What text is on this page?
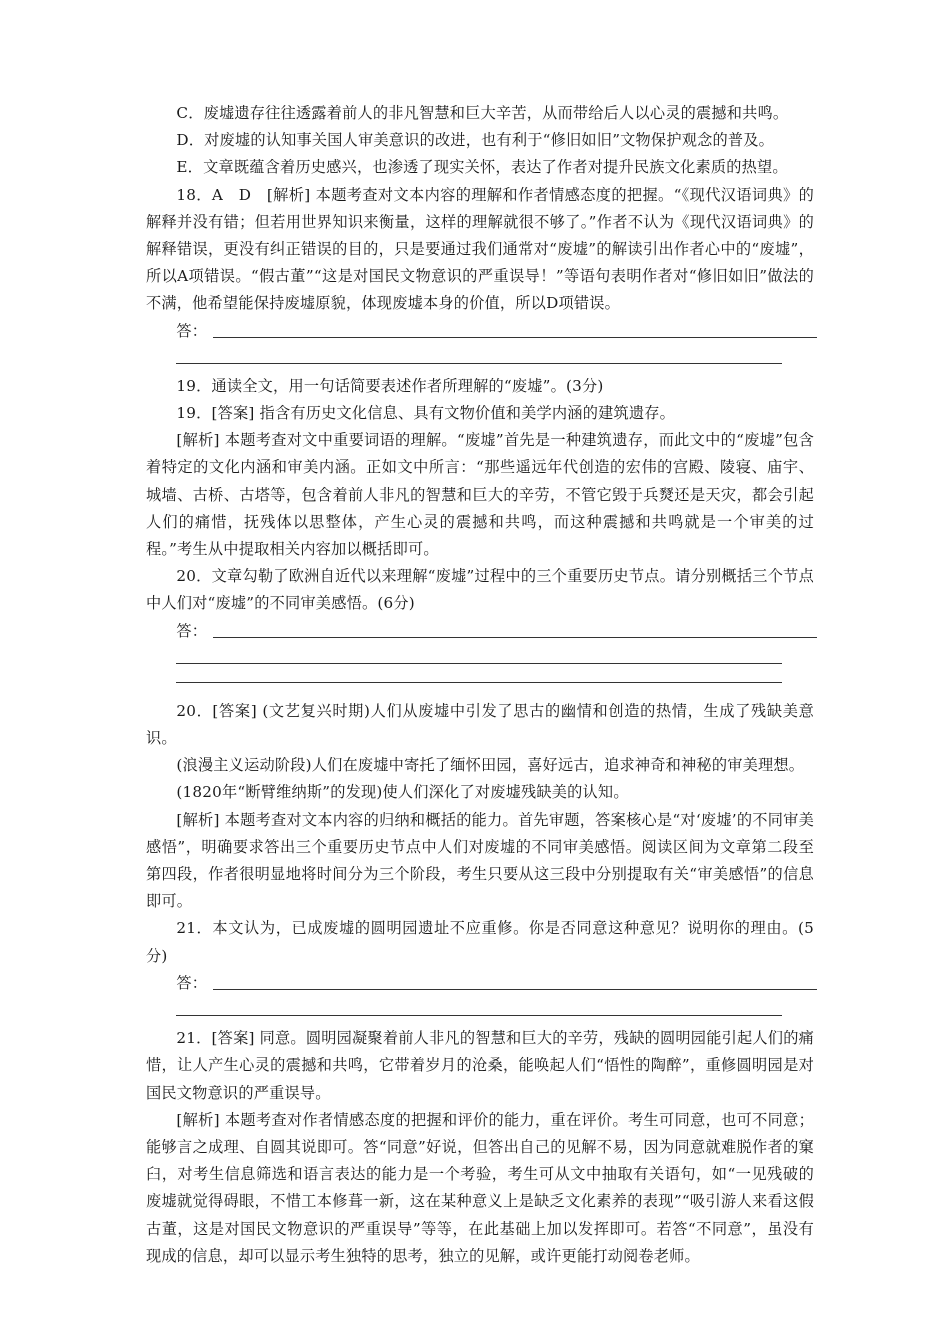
C．废墟遗存往往透露着前人的非凡智慧和巨大辛苦，从而带给后人以心灵的震撼和共鸣。

D．对废墟的认知事关国人审美意识的改进，也有利于“修旧如旧”文物保护观念的普及。

E．文章既蕴含着历史感兴，也渗透了现实关怀，表达了作者对提升民族文化素质的热望。

18．A　D　[解析] 本题考查对文本内容的理解和作者情感态度的把握。“《现代汉语词典》的解释并没有错；但若用世界知识来衡量，这样的理解就很不够了。”作者不认为《现代汉语词典》的解释错误，更没有纠正错误的目的，只是要通过我们通常对“废墟”的解读引出作者心中的“废墟”，所以A项错误。“假古董”“这是对国民文物意识的严重误导！”等语句表明作者对“修旧如旧”做法的不满，他希望能保持废墟原貌，体现废墟本身的价值，所以D项错误。

答：

19．通读全文，用一句话简要表述作者所理解的“废墟”。(3分)

19．[答案] 指含有历史文化信息、具有文物价值和美学内涵的建筑遗存。

[解析] 本题考查对文中重要词语的理解。“废墟”首先是一种建筑遗存，而此文中的“废墟”包含着特定的文化内涵和审美内涵。正如文中所言：“那些遥远年代创造的宏伟的宫殿、陵寝、庙宇、城墙、古桥、古塔等，包含着前人非凡的智慧和巨大的辛劳，不管它毁于兵燹还是天灾，都会引起人们的痛惜，抚残体以思整体，产生心灵的震撼和共鸣，而这种震撼和共鸣就是一个审美的过程。”考生从中提取相关内容加以概括即可。

20．文章勾勒了欧洲自近代以来理解“废墟”过程中的三个重要历史节点。请分别概括三个节点中人们对“废墟”的不同审美感悟。(6分)

答：

20．[答案] (文艺复兴时期)人们从废墟中引发了思古的幽情和创造的热情，生成了残缺美意识。

(浪漫主义运动阶段)人们在废墟中寄托了缅怀田园，喜好远古，追求神奇和神秘的审美理想。

(1820年“断臂维纳斯”的发现)使人们深化了对废墟残缺美的认知。

[解析] 本题考查对文本内容的归纳和概括的能力。首先审题，答案核心是“对‘废墟’的不同审美感悟”，明确要求答出三个重要历史节点中人们对废墟的不同审美感悟。阅读区间为文章第二段至第四段，作者很明显地将时间分为三个阶段，考生只要从这三段中分别提取有关“审美感悟”的信息即可。

21．本文认为，已成废墟的圆明园遗址不应重修。你是否同意这种意见？说明你的理由。(5分)

答：

21．[答案] 同意。圆明园凝聚着前人非凡的智慧和巨大的辛劳，残缺的圆明园能引起人们的痛惜，让人产生心灵的震撼和共鸣，它带着岁月的沧桑，能唤起人们“悟性的陶醉”，重修圆明园是对国民文物意识的严重误导。

[解析] 本题考查对作者情感态度的把握和评价的能力，重在评价。考生可同意，也可不同意；能够言之成理、自圆其说即可。答“同意”好说，但答出自己的见解不易，因为同意就难脱作者的窠臼，对考生信息筛选和语言表达的能力是一个考验，考生可从文中抽取有关语句，如“一见残破的废墟就觉得碍眼，不惜工本修葺一新，这在某种意义上是缺乏文化素养的表现”“吸引游人来看这假古董，这是对国民文物意识的严重误导”等等，在此基础上加以发挥即可。若答“不同意”，虽没有现成的信息，却可以显示考生独特的思考，独立的见解，或许更能打动阅卷老师。
